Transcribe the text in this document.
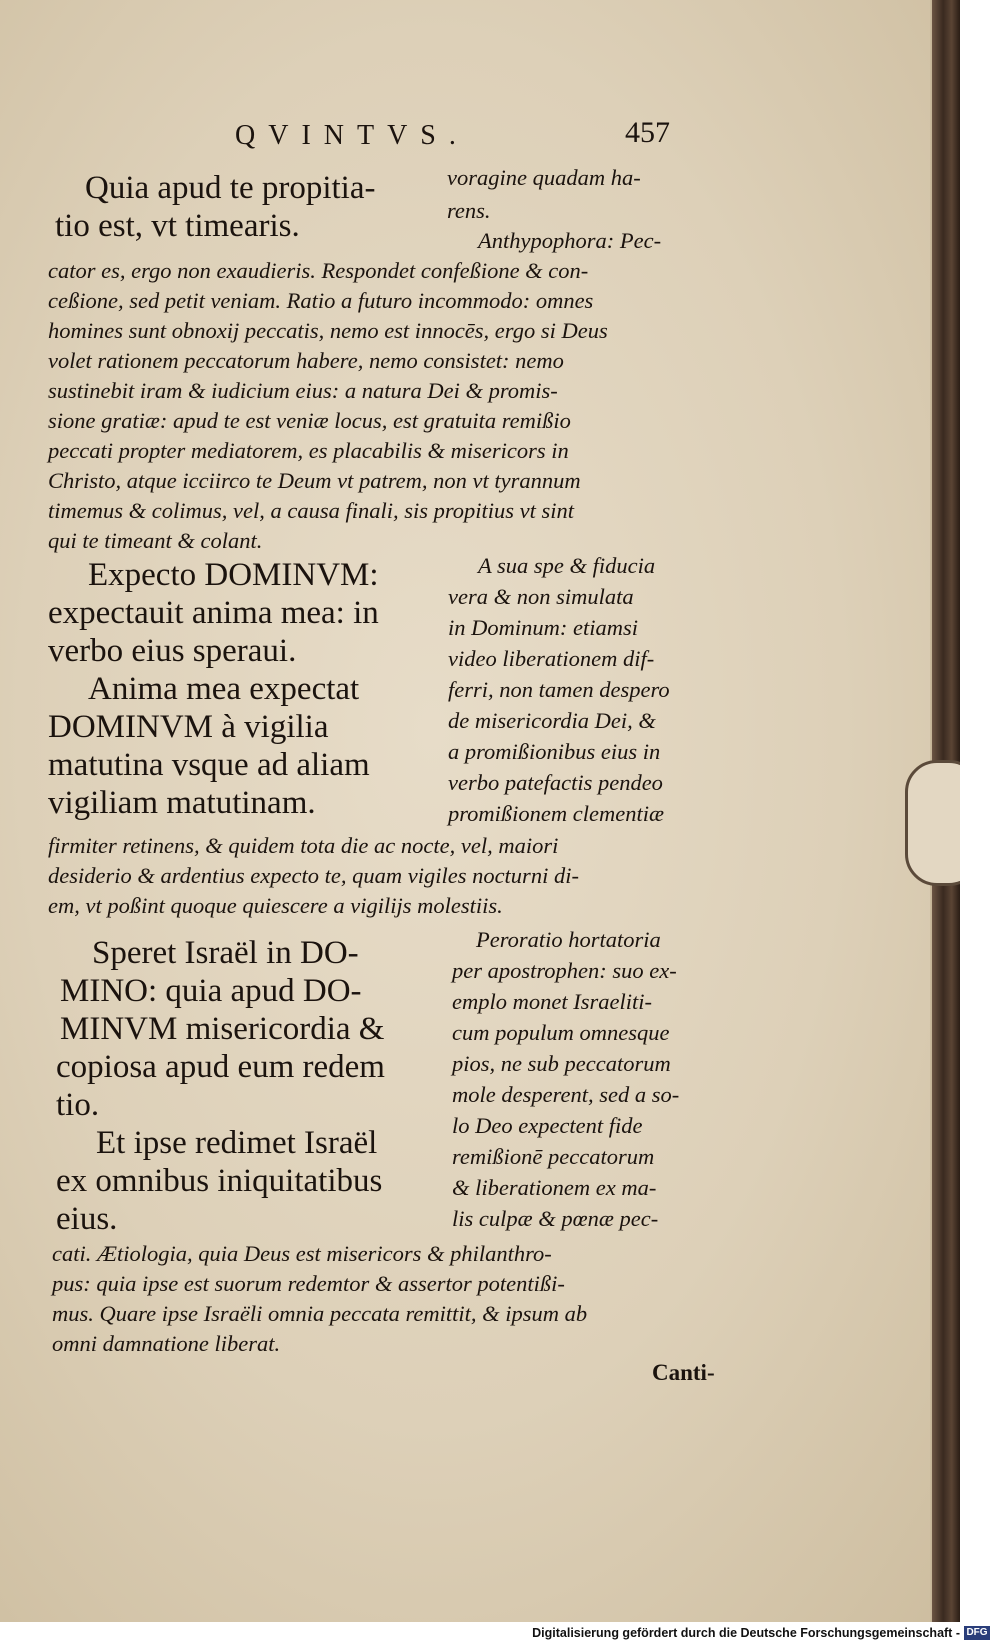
QVINTVS.	457
Quia apud te propitia-
tio est, vt timearis.
voragine quadam ha-
rens.
Anthypophora: Pec-
cator es, ergo non exaudieris. Respondet confeßione & con-
ceßione, sed petit veniam. Ratio a futuro incommodo: omnes
homines sunt obnoxij peccatis, nemo est innocēs, ergo si Deus
volet rationem peccatorum habere, nemo consistet: nemo
sustinebit iram & iudicium eius: a natura Dei & promis-
sione gratiæ: apud te est veniæ locus, est gratuita remißio
peccati propter mediatorem, es placabilis & misericors in
Christo, atque icciirco te Deum vt patrem, non vt tyrannum
timemus & colimus, vel, a causa finali, sis propitius vt sint
qui te timeant & colant.
Expecto DOMINVM:
expectauit anima mea: in
verbo eius speraui.
Anima mea expectat
DOMINVM à vigilia
matutina vsque ad aliam
vigiliam matutinam.
A sua spe & fiducia
vera & non simulata
in Dominum: etiamsi
video liberationem dif-
ferri, non tamen despero
de misericordia Dei, &
a promißionibus eius in
verbo patefactis pendeo
promißionem clementiæ
firmiter retinens, & quidem tota die ac nocte, vel, maiori
desiderio & ardentius expecto te, quam vigiles nocturni di-
em, vt poßint quoque quiescere a vigilijs molestiis.
Speret Israël in DO-
MINO: quia apud DO-
MINVM misericordia &
copiosa apud eum redem
tio.
Et ipse redimet Israël
ex omnibus iniquitatibus
eius.
Peroratio hortatoria
per apostrophen: suo ex-
emplo monet Israeliti-
cum populum omnesque
pios, ne sub peccatorum
mole desperent, sed a so-
lo Deo expectent fide
remißionē peccatorum
& liberationem ex ma-
lis culpæ & pœnæ pec-
cati. Ætiologia, quia Deus est misericors & philanthro-
pus: quia ipse est suorum redemtor & assertor potentißi-
mus. Quare ipse Israëli omnia peccata remittit, & ipsum ab
omni damnatione liberat.
Canti-
Digitalisierung gefördert durch die Deutsche Forschungsgemeinschaft - DFG
